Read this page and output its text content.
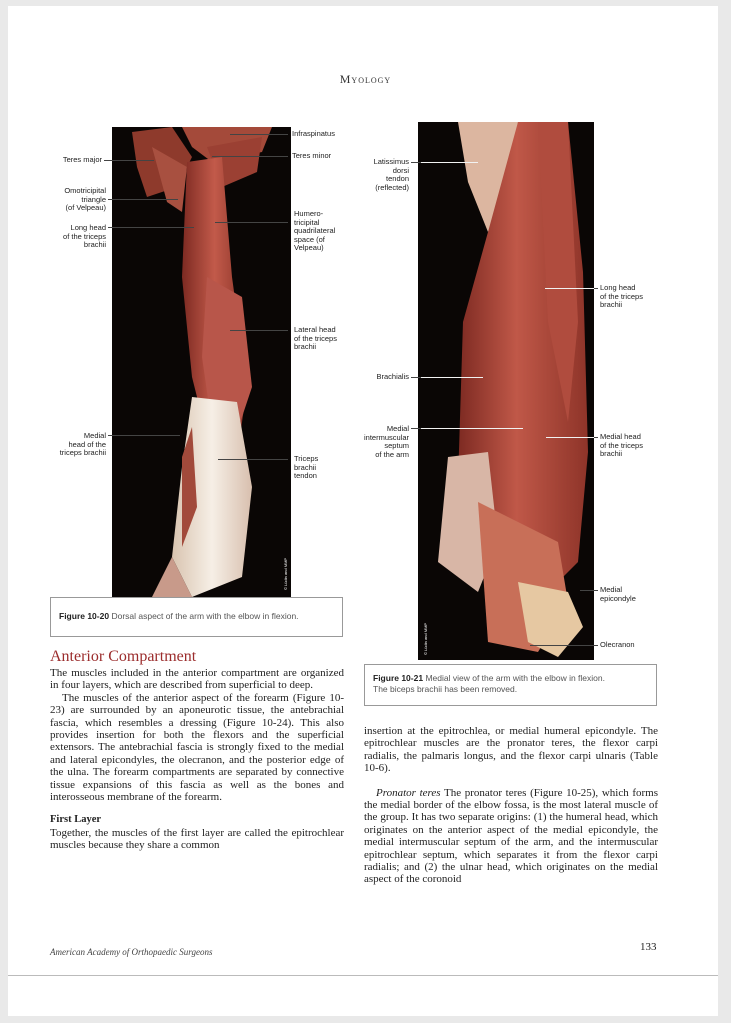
Myology
© Lüdin and MMP
Teres major
Omotricipital
triangle
(of Velpeau)
Long head
of the triceps
brachii
Medial
head of the
triceps brachii
Infraspinatus
Teres minor
Humero-
tricipital
quadrilateral
space (of
Velpeau)
Lateral head
of the triceps
brachii
Triceps
brachii
tendon
Figure 10-20 Dorsal aspect of the arm with the elbow in flexion.
© Lüdin and MMP
Latissimus
dorsi
tendon
(reflected)
Brachialis
Medial
intermuscular
septum
of the arm
Long head
of the triceps
brachii
Medial head
of the triceps
brachii
Medial
epicondyle
Olecranon
Figure 10-21 Medial view of the arm with the elbow in flexion.
The biceps brachii has been removed.
Anterior Compartment

The muscles included in the anterior compartment are organized in four layers, which are described from superficial to deep.

The muscles of the anterior aspect of the forearm (Figure 10-23) are surrounded by an aponeurotic tissue, the antebrachial fascia, which resembles a dressing (Figure 10-24). This also provides insertion for both the flexors and the superficial extensors. The antebrachial fascia is strongly fixed to the medial and lateral epicondyles, the olecranon, and the posterior edge of the ulna. The forearm compartments are separated by connective tissue expansions of this fascia as well as the bones and interosseous membrane of the forearm.

First Layer

Together, the muscles of the first layer are called the epitrochlear muscles because they share a common

insertion at the epitrochlea, or medial humeral epicondyle. The epitrochlear muscles are the pronator teres, the flexor carpi radialis, the palmaris longus, and the flexor carpi ulnaris (Table 10-6).

Pronator teres The pronator teres (Figure 10-25), which forms the medial border of the elbow fossa, is the most lateral muscle of the group. It has two separate origins: (1) the humeral head, which originates on the anterior aspect of the medial epicondyle, the medial intermuscular septum of the arm, and the intermuscular epitrochlear septum, which separates it from the flexor carpi radialis; and (2) the ulnar head, which originates on the medial aspect of the coronoid

American Academy of Orthopaedic Surgeons	133
